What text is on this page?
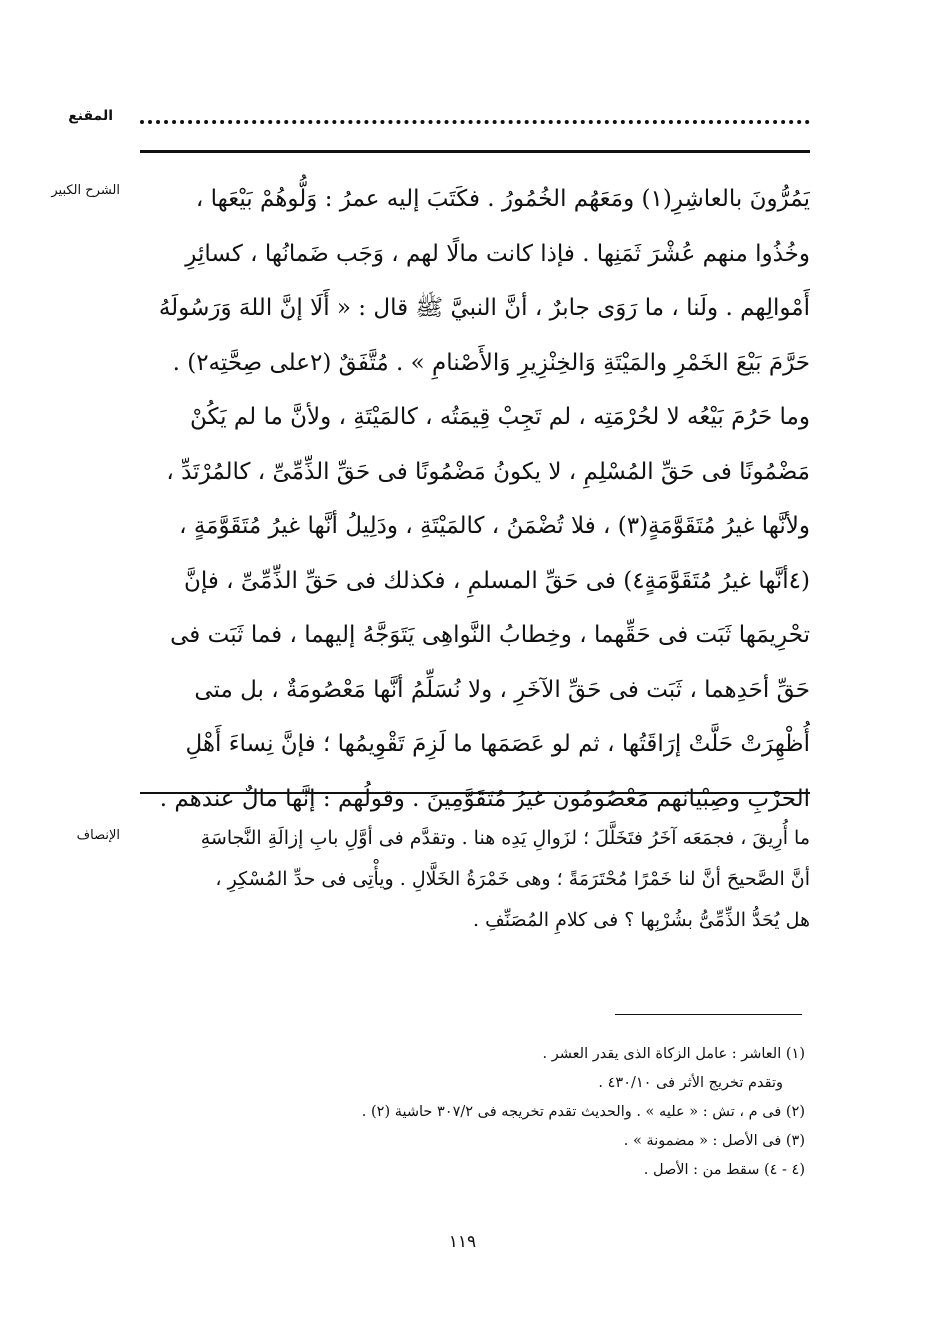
المقنع
الشرح الكبير	يَمُرُّونَ بالعاشِرِ(١) ومَعَهُم الخُمُورُ . فكَتَبَ إليه عمرُ : وَلُّوهُمْ بَيْعَها ،
وخُذُوا منهم عُشْرَ ثَمَنِها . فإذا كانت مالًا لهم ، وَجَب ضَمانُها ، كسائِرِ
أَمْوالِهم . ولَنا ، ما رَوَى جابرٌ ، أنَّ النبيَّ ﷺ قال : « أَلَا إنَّ اللهَ وَرَسُولَهُ
حَرَّمَ بَيْعَ الخَمْرِ والمَيْتَةِ وَالخِنْزِيرِ وَالأَصْنامِ » . مُتَّفَقٌ (٢على صِحَّتِه٢) .
وما حَرُمَ بَيْعُه لا لحُرْمَتِه ، لم تَجِبْ قِيمَتُه ، كالمَيْتَةِ ، ولأنَّ ما لم يَكُنْ
مَضْمُونًا فى حَقِّ المُسْلِمِ ، لا يكونُ مَضْمُونًا فى حَقِّ الذِّمِّىِّ ، كالمُرْتَدِّ ،
ولأنَّها غيرُ مُتَقَوَّمَةٍ(٣) ، فلا تُضْمَنُ ، كالمَيْتَةِ ، ودَلِيلُ أنَّها غيرُ مُتَقَوَّمَةٍ ،
(٤أنَّها غيرُ مُتَقَوَّمَةٍ٤) فى حَقِّ المسلمِ ، فكذلك فى حَقِّ الذِّمِّىِّ ، فإنَّ
تحْرِيمَها ثَبَت فى حَقِّهما ، وخِطابُ النَّواهِى يَتَوَجَّهُ إليهما ، فما ثَبَت فى
حَقِّ أحَدِهما ، ثَبَت فى حَقِّ الآخَرِ ، ولا نُسَلِّمُ أنَّها مَعْصُومَةٌ ، بل متى
أُظْهِرَتْ حَلَّتْ إرَاقَتُها ، ثم لو عَصَمَها ما لَزِمَ تَقْوِيمُها ؛ فإنَّ نِساءَ أَهْلِ
الحَرْبِ وصِبْيانَهم مَعْصُومُونَ غيرُ مُتَقَوَّمِينَ . وقولُهم : إنَّها مالٌ عندَهم .
الإنصاف	ما أُرِيقَ ، فجمَعَه آخَرُ فتَخَلَّلَ ؛ لزَوالِ يَدِه هنا . وتقدَّم فى أوَّلِ بابِ إزالَةِ النَّجاسَةِ
أنَّ الصَّحيحَ أنَّ لنا خَمْرًا مُحْتَرَمَةً ؛ وهى خَمْرَةُ الخَلَّالِ . ويأْتِى فى حدِّ المُسْكِرِ ،
هل يُحَدُّ الذِّمِّىُّ بشُرْبِها ؟ فى كلامِ المُصَنِّفِ .
(١) العاشر : عامل الزكاة الذى يقدر العشر .
وتقدم تخريج الأثر فى ٤٣٠/١٠ .
(٢) فى م ، تش : « عليه » . والحديث تقدم تخريجه فى ٣٠٧/٢ حاشية (٢) .
(٣) فى الأصل : « مضمونة » .
(٤ - ٤) سقط من : الأصل .
١١٩
